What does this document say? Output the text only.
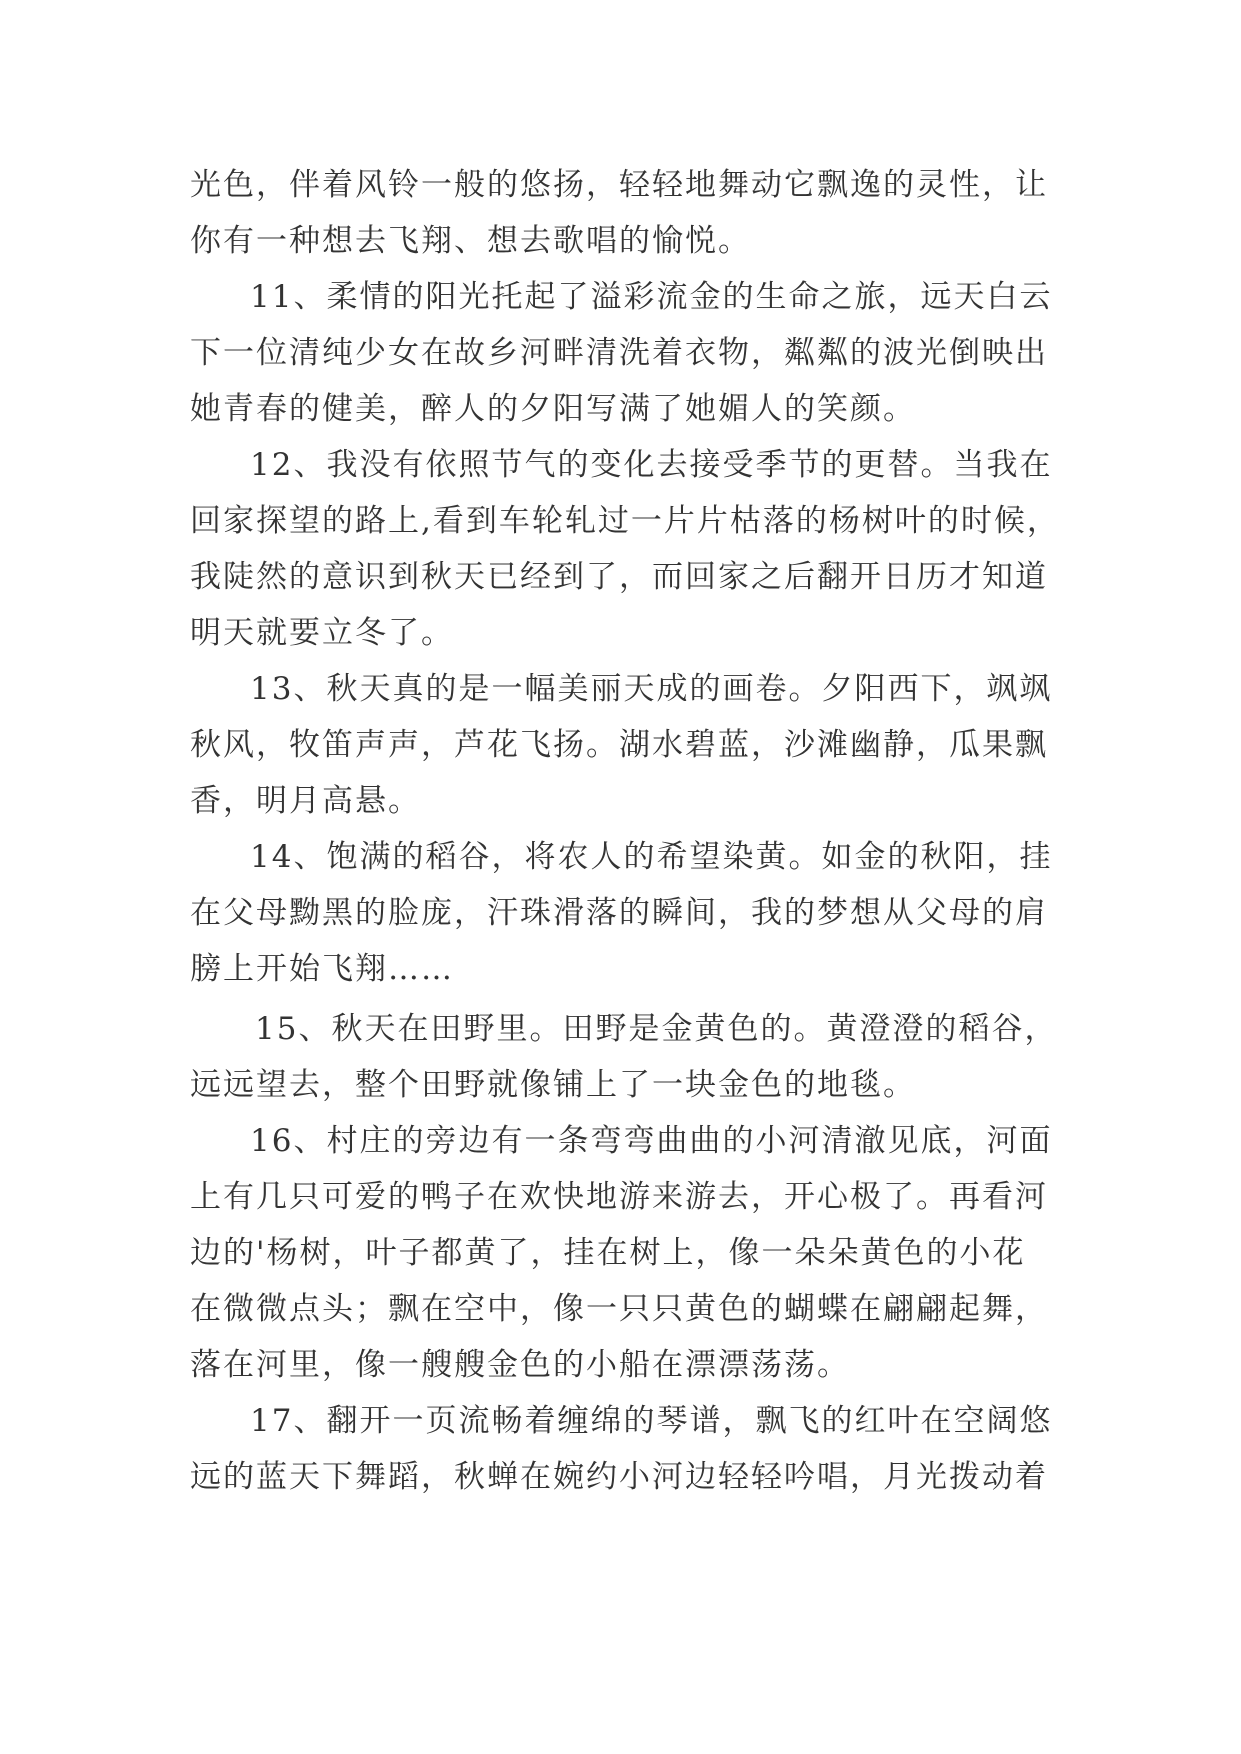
光色，伴着风铃一般的悠扬，轻轻地舞动它飘逸的灵性，让
你有一种想去飞翔、想去歌唱的愉悦。
11、柔情的阳光托起了溢彩流金的生命之旅，远天白云
下一位清纯少女在故乡河畔清洗着衣物，粼粼的波光倒映出
她青春的健美，醉人的夕阳写满了她媚人的笑颜。
12、我没有依照节气的变化去接受季节的更替。当我在
回家探望的路上,看到车轮轧过一片片枯落的杨树叶的时候，
我陡然的意识到秋天已经到了，而回家之后翻开日历才知道
明天就要立冬了。
13、秋天真的是一幅美丽天成的画卷。夕阳西下，飒飒
秋风，牧笛声声，芦花飞扬。湖水碧蓝，沙滩幽静，瓜果飘
香，明月高悬。
14、饱满的稻谷，将农人的希望染黄。如金的秋阳，挂
在父母黝黑的脸庞，汗珠滑落的瞬间，我的梦想从父母的肩
膀上开始飞翔……
15、秋天在田野里。田野是金黄色的。黄澄澄的稻谷，
远远望去，整个田野就像铺上了一块金色的地毯。
16、村庄的旁边有一条弯弯曲曲的小河清澈见底，河面
上有几只可爱的鸭子在欢快地游来游去，开心极了。再看河
边的'杨树，叶子都黄了，挂在树上，像一朵朵黄色的小花
在微微点头；飘在空中，像一只只黄色的蝴蝶在翩翩起舞，
落在河里，像一艘艘金色的小船在漂漂荡荡。
17、翻开一页流畅着缠绵的琴谱，飘飞的红叶在空阔悠
远的蓝天下舞蹈，秋蝉在婉约小河边轻轻吟唱，月光拨动着
